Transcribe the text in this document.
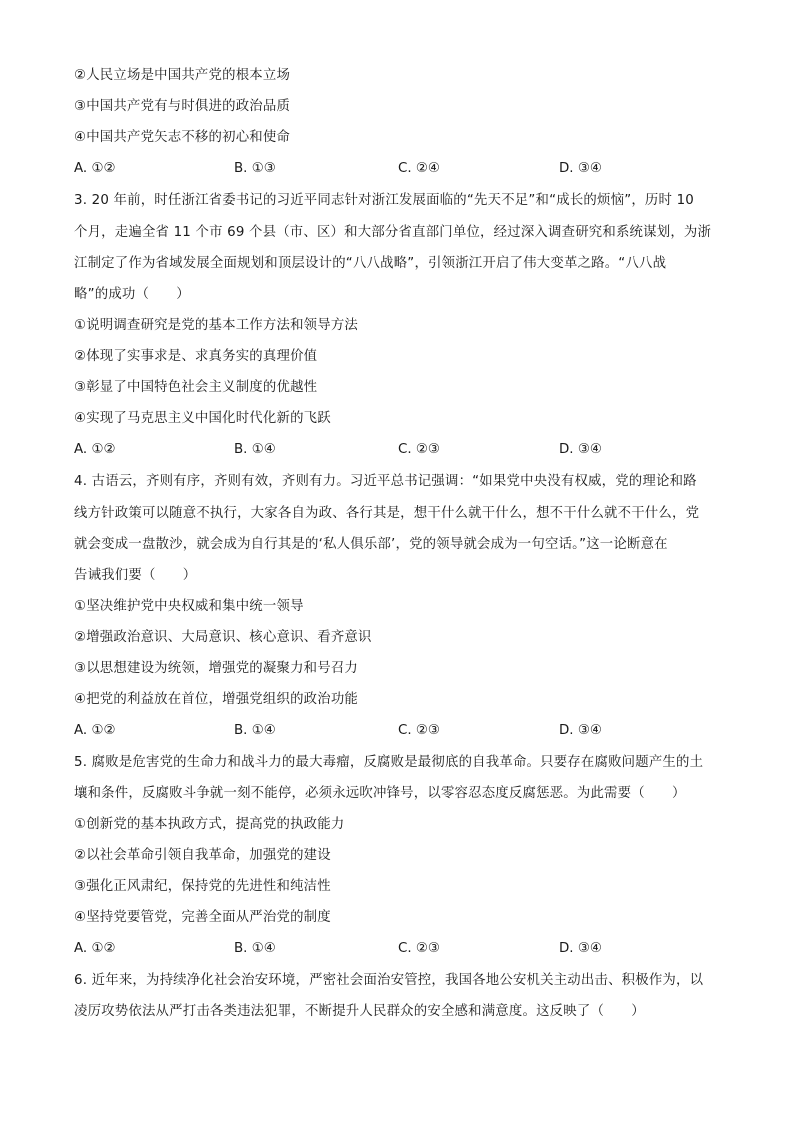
②人民立场是中国共产党的根本立场
③中国共产党有与时俱进的政治品质
④中国共产党矢志不移的初心和使命
A. ①②	B. ①③	C. ②④	D. ③④
3. 20 年前，时任浙江省委书记的习近平同志针对浙江发展面临的“先天不足”和“成长的烦恼”，历时 10
个月，走遍全省 11 个市 69 个县（市、区）和大部分省直部门单位，经过深入调查研究和系统谋划，为浙
江制定了作为省域发展全面规划和顶层设计的“八八战略”，引领浙江开启了伟大变革之路。“八八战
略”的成功（　　）
①说明调查研究是党的基本工作方法和领导方法
②体现了实事求是、求真务实的真理价值
③彰显了中国特色社会主义制度的优越性
④实现了马克思主义中国化时代化新的飞跃
A. ①②	B. ①④	C. ②③	D. ③④
4. 古语云，齐则有序，齐则有效，齐则有力。习近平总书记强调：“如果党中央没有权威，党的理论和路
线方针政策可以随意不执行，大家各自为政、各行其是，想干什么就干什么，想不干什么就不干什么，党
就会变成一盘散沙，就会成为自行其是的‘私人俱乐部’，党的领导就会成为一句空话。”这一论断意在
告诫我们要（　　）
①坚决维护党中央权威和集中统一领导
②增强政治意识、大局意识、核心意识、看齐意识
③以思想建设为统领，增强党的凝聚力和号召力
④把党的利益放在首位，增强党组织的政治功能
A. ①②	B. ①④	C. ②③	D. ③④
5. 腐败是危害党的生命力和战斗力的最大毒瘤，反腐败是最彻底的自我革命。只要存在腐败问题产生的土
壤和条件，反腐败斗争就一刻不能停，必须永远吹冲锋号，以零容忍态度反腐惩恶。为此需要（　　）
①创新党的基本执政方式，提高党的执政能力
②以社会革命引领自我革命，加强党的建设
③强化正风肃纪，保持党的先进性和纯洁性
④坚持党要管党，完善全面从严治党的制度
A. ①②	B. ①④	C. ②③	D. ③④
6. 近年来，为持续净化社会治安环境，严密社会面治安管控，我国各地公安机关主动出击、积极作为，以
凌厉攻势依法从严打击各类违法犯罪，不断提升人民群众的安全感和满意度。这反映了（　　）
